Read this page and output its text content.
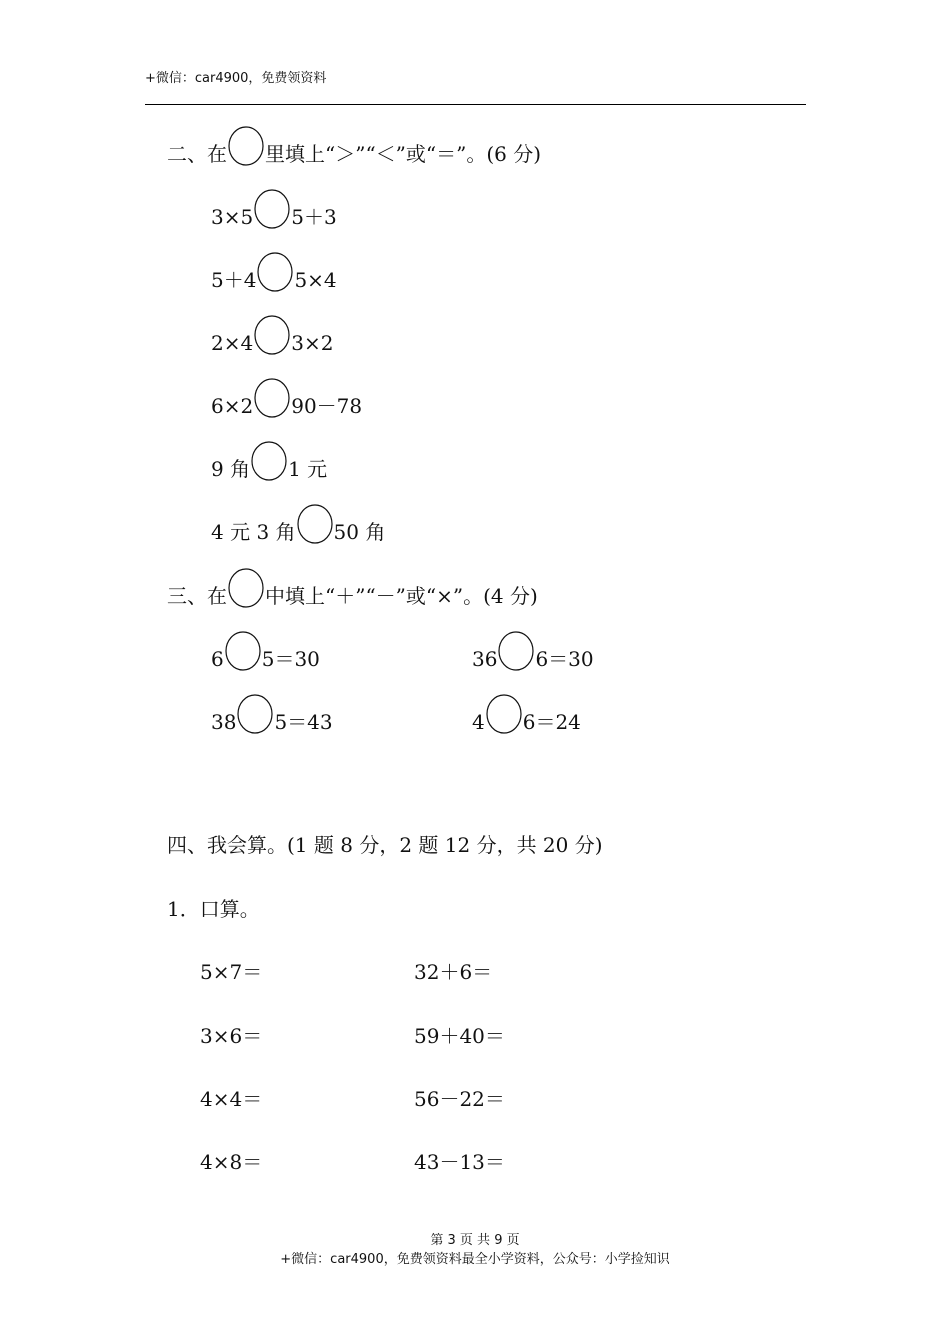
+微信：car4900，免费领资料
二、在 里填上“＞”“＜”或“＝”。(6 分)
3×5 5＋3
5＋4 5×4
2×4 3×2
6×2 90－78
9 角 1 元
4 元 3 角 50 角
三、在 中填上“＋”“－”或“×”。(4 分)
6 5＝30	36 6＝30
38 5＝43	4 6＝24
四、我会算。(1 题 8 分，2 题 12 分，共 20 分)
1．口算。
5×7＝
3×6＝
4×4＝
4×8＝
32＋6＝
59＋40＝
56－22＝
43－13＝
第 3 页 共 9 页
+微信：car4900，免费领资料最全小学资料，公众号：小学捡知识
